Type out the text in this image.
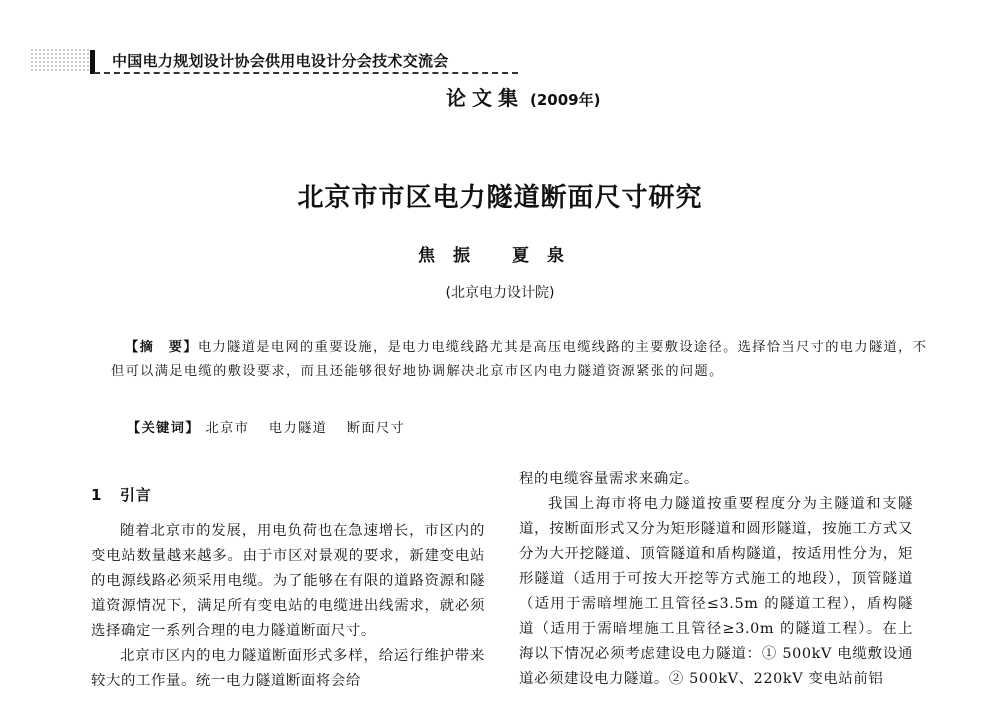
中国电力规划设计协会供用电设计分会技术交流会
论文集 (2009年)
北京市市区电力隧道断面尺寸研究
焦振 夏泉
(北京电力设计院)
【摘　要】电力隧道是电网的重要设施，是电力电缆线路尤其是高压电缆线路的主要敷设途径。选择恰当尺寸的电力隧道，不但可以满足电缆的敷设要求，而且还能够很好地协调解决北京市区内电力隧道资源紧张的问题。
【关键词】 北京市 电力隧道 断面尺寸
1 引言

随着北京市的发展，用电负荷也在急速增长，市区内的变电站数量越来越多。由于市区对景观的要求，新建变电站的电源线路必须采用电缆。为了能够在有限的道路资源和隧道资源情况下，满足所有变电站的电缆进出线需求，就必须选择确定一系列合理的电力隧道断面尺寸。

北京市区内的电力隧道断面形式多样，给运行维护带来较大的工作量。统一电力隧道断面将会给

程的电缆容量需求来确定。

我国上海市将电力隧道按重要程度分为主隧道和支隧道，按断面形式又分为矩形隧道和圆形隧道，按施工方式又分为大开挖隧道、顶管隧道和盾构隧道，按适用性分为，矩形隧道（适用于可按大开挖等方式施工的地段），顶管隧道（适用于需暗埋施工且管径≤3.5m 的隧道工程），盾构隧道（适用于需暗埋施工且管径≥3.0m 的隧道工程）。在上海以下情况必须考虑建设电力隧道：① 500kV 电缆敷设通道必须建设电力隧道。② 500kV、220kV 变电站前铝
